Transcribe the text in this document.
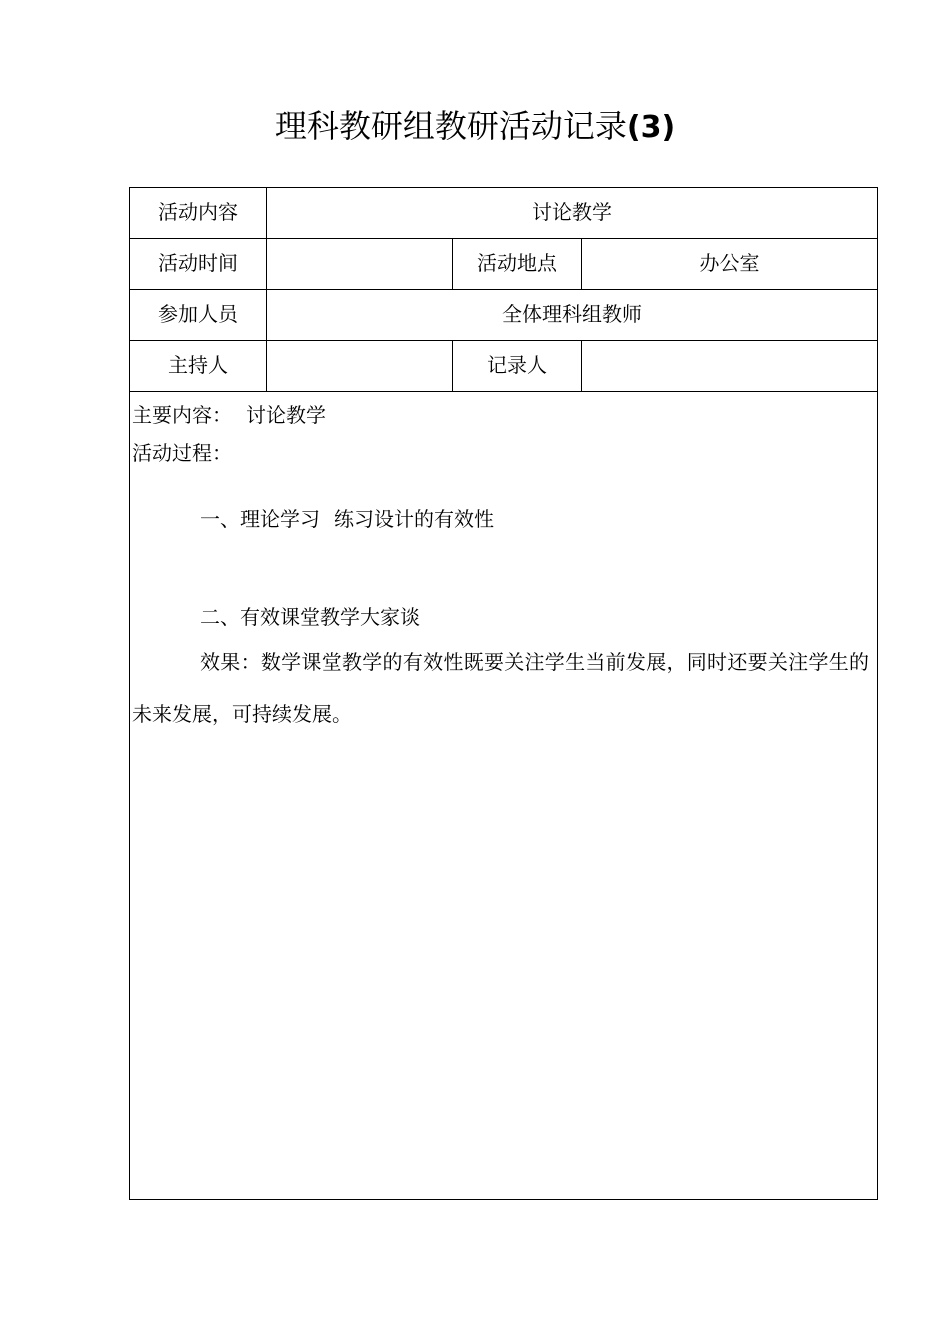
理科教研组教研活动记录(3)
活动内容	讨论教学		
活动时间		活动地点	办公室
参加人员	全体理科组教师		
主持人		记录人	

主要内容： 讨论教学

活动过程：

一、理论学习 练习设计的有效性

二、有效课堂教学大家谈

效果：数学课堂教学的有效性既要关注学生当前发展，同时还要关注学生的未来发展，可持续发展。			
